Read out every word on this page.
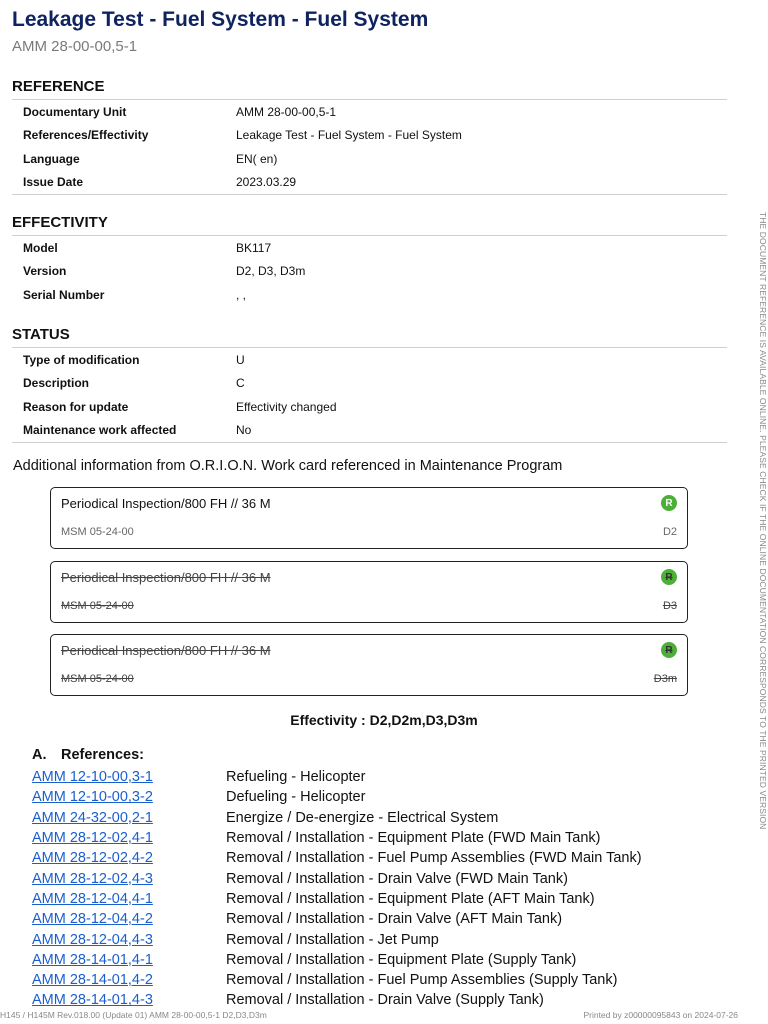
Leakage Test - Fuel System - Fuel System
AMM 28-00-00,5-1
REFERENCE
Documentary Unit	AMM 28-00-00,5-1
References/Effectivity	Leakage Test - Fuel System - Fuel System
Language	EN( en)
Issue Date	2023.03.29
EFFECTIVITY
Model	BK117
Version	D2, D3, D3m
Serial Number	, ,
STATUS
Type of modification	U
Description	C
Reason for update	Effectivity changed
Maintenance work affected	No
Additional information from O.R.I.O.N. Work card referenced in Maintenance Program
Periodical Inspection/800 FH // 36 M	R
MSM 05-24-00	D2
Periodical Inspection/800 FH // 36 M	R
MSM 05-24-00	D3
Periodical Inspection/800 FH // 36 M	R
MSM 05-24-00	D3m
Effectivity : D2,D2m,D3,D3m
A. References:
AMM 12-10-00,3-1	Refueling - Helicopter
AMM 12-10-00,3-2	Defueling - Helicopter
AMM 24-32-00,2-1	Energize / De-energize - Electrical System
AMM 28-12-02,4-1	Removal / Installation - Equipment Plate (FWD Main Tank)
AMM 28-12-02,4-2	Removal / Installation - Fuel Pump Assemblies (FWD Main Tank)
AMM 28-12-02,4-3	Removal / Installation - Drain Valve (FWD Main Tank)
AMM 28-12-04,4-1	Removal / Installation - Equipment Plate (AFT Main Tank)
AMM 28-12-04,4-2	Removal / Installation - Drain Valve (AFT Main Tank)
AMM 28-12-04,4-3	Removal / Installation - Jet Pump
AMM 28-14-01,4-1	Removal / Installation - Equipment Plate (Supply Tank)
AMM 28-14-01,4-2	Removal / Installation - Fuel Pump Assemblies (Supply Tank)
AMM 28-14-01,4-3	Removal / Installation - Drain Valve (Supply Tank)
THE DOCUMENT REFERENCE IS AVAILABLE ONLINE. PLEASE CHECK IF THE ONLINE DOCUMENTATION CORRESPONDS TO THE PRINTED VERSION
H145 / H145M Rev.018.00 (Update 01) AMM 28-00-00,5-1 D2,D3,D3m	Printed by z00000095843 on 2024-07-26
